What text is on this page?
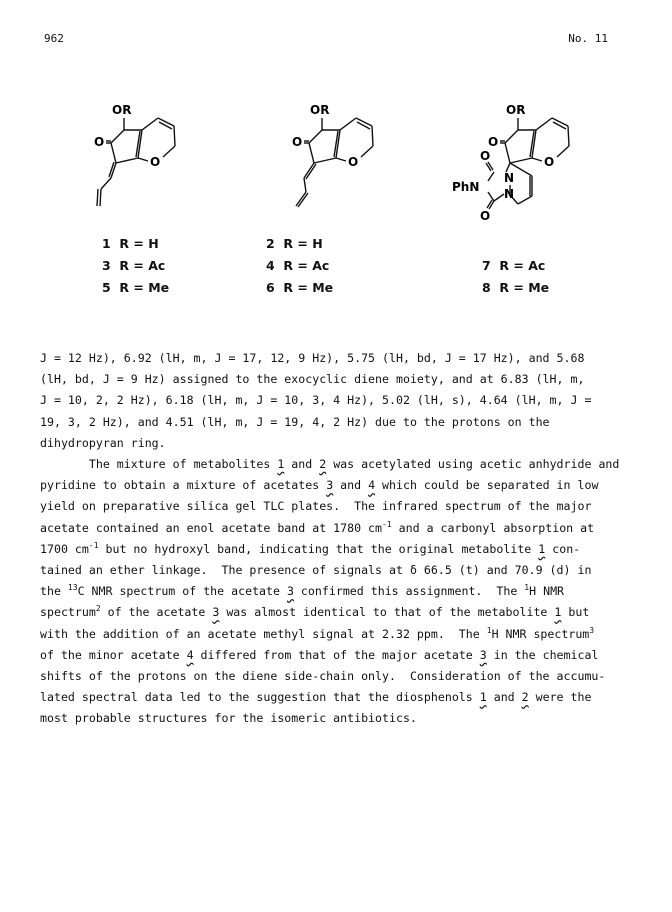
962	No. 11
OR
O
O
OR
O
O
OR
O
O
O
N
N
PhN
O
1  R = H
3  R = Ac
5  R = Me
2  R = H
4  R = Ac
6  R = Me
7  R = Ac
8  R = Me

J = 12 Hz), 6.92 (lH, m, J = 17, 12, 9 Hz), 5.75 (lH, bd, J = 17 Hz), and 5.68
(lH, bd, J = 9 Hz) assigned to the exocyclic diene moiety, and at 6.83 (lH, m,
J = 10, 2, 2 Hz), 6.18 (lH, m, J = 10, 3, 4 Hz), 5.02 (lH, s), 4.64 (lH, m, J =
19, 3, 2 Hz), and 4.51 (lH, m, J = 19, 4, 2 Hz) due to the protons on the
dihydropyran ring.

The mixture of metabolites 1 and 2 was acetylated using acetic anhydride and
pyridine to obtain a mixture of acetates 3 and 4 which could be separated in low
yield on preparative silica gel TLC plates.  The infrared spectrum of the major
acetate contained an enol acetate band at 1780 $cm^{-1}$ and a carbonyl absorption at
1700 $cm^{-1}$ but no hydroxyl band, indicating that the original metabolite 1 con-
tained an ether linkage.  The presence of signals at δ 66.5 (t) and 70.9 (d) in
the $^{13}$C NMR spectrum of the acetate 3 confirmed this assignment.  The $^1$H NMR
spectrum$^2$ of the acetate 3 was almost identical to that of the metabolite 1 but
with the addition of an acetate methyl signal at 2.32 ppm.  The $^1$H NMR spectrum$^3$
of the minor acetate 4 differed from that of the major acetate 3 in the chemical
shifts of the protons on the diene side-chain only.  Consideration of the accumu-
lated spectral data led to the suggestion that the diosphenols 1 and 2 were the
most probable structures for the isomeric antibiotics.
